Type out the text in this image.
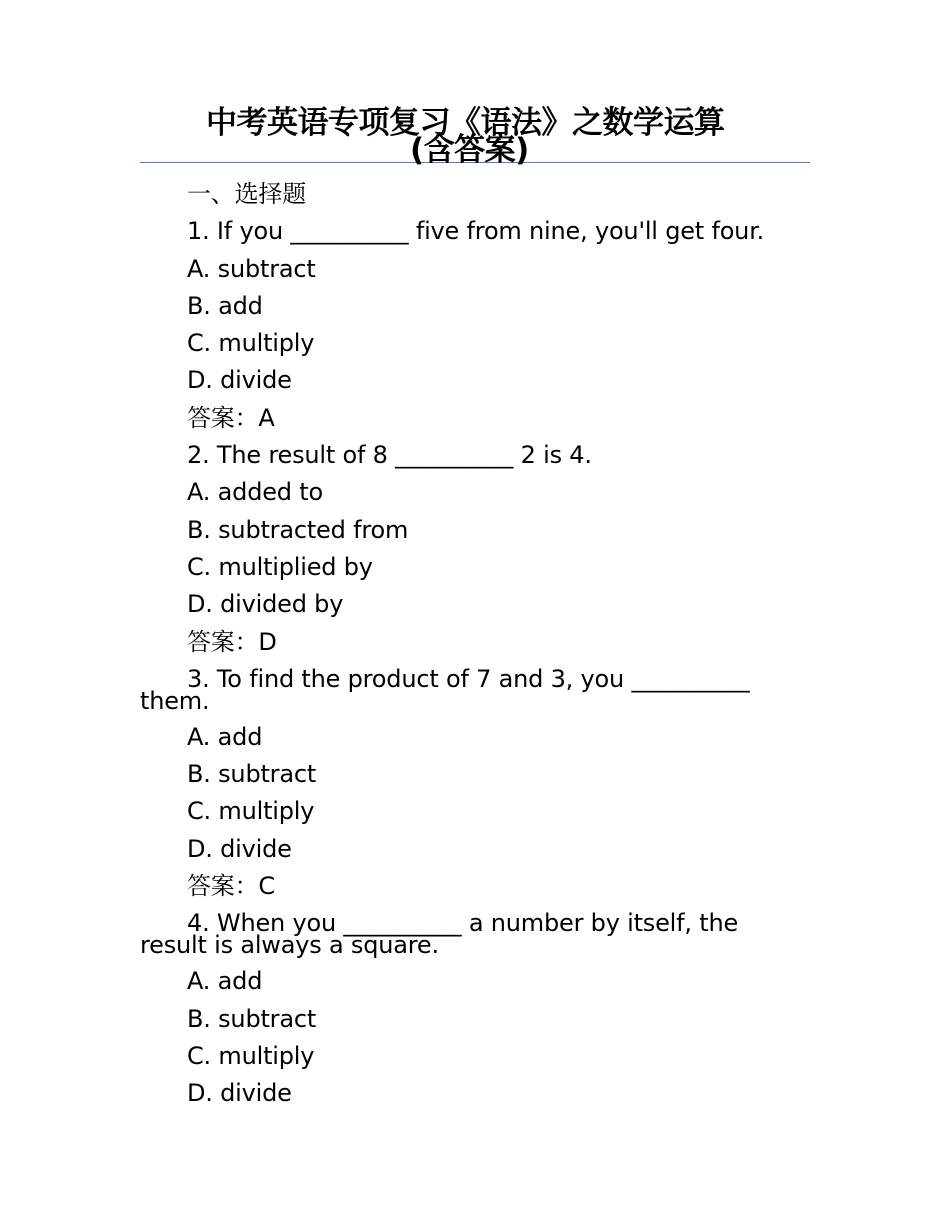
中考英语专项复习《语法》之数学运算
(含答案)
一、选择题
1. If you __________ five from nine, you'll get four.
A. subtract
B. add
C. multiply
D. divide
答案：A
2. The result of 8 __________ 2 is 4.
A. added to
B. subtracted from
C. multiplied by
D. divided by
答案：D
3. To find the product of 7 and 3, you __________ them.
A. add
B. subtract
C. multiply
D. divide
答案：C
4. When you __________ a number by itself, the result is always a square.
A. add
B. subtract
C. multiply
D. divide
